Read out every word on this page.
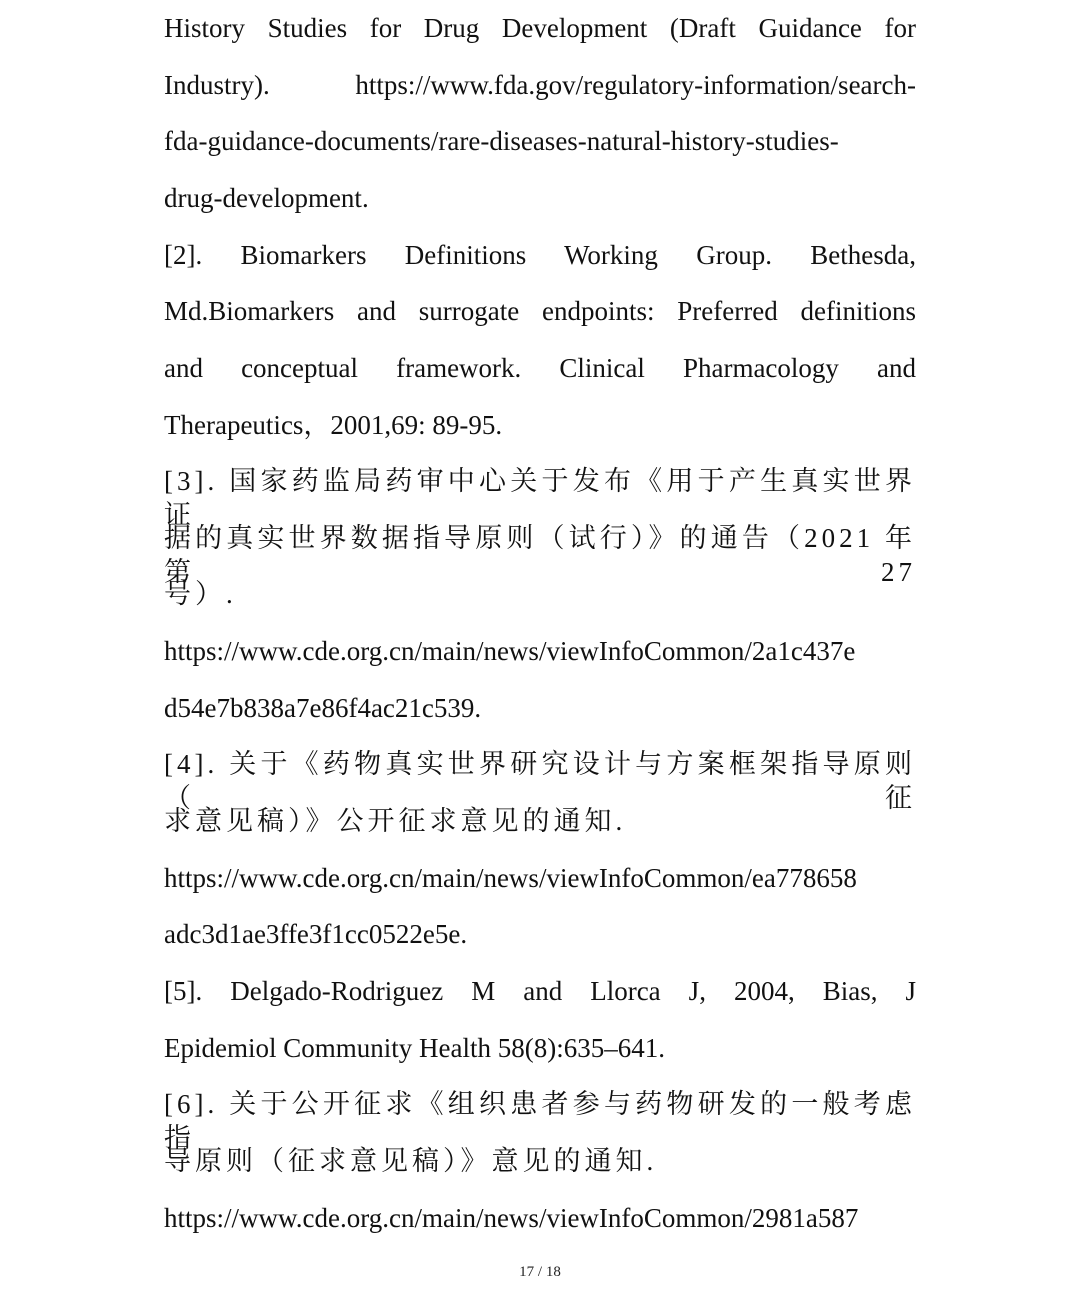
History Studies for Drug Development (Draft Guidance for
Industry). https://www.fda.gov/regulatory-information/search-
fda-guidance-documents/rare-diseases-natural-history-studies-
drug-development.
[2]. Biomarkers Definitions Working Group. Bethesda,
Md.Biomarkers and surrogate endpoints: Preferred definitions
and conceptual framework. Clinical Pharmacology and
Therapeutics，2001,69: 89-95.
[3]. 国家药监局药审中心关于发布《用于产生真实世界证
据的真实世界数据指导原则（试行）》的通告（2021 年第 27
号）.
https://www.cde.org.cn/main/news/viewInfoCommon/2a1c437e
d54e7b838a7e86f4ac21c539.
[4]. 关于《药物真实世界研究设计与方案框架指导原则（征
求意见稿）》公开征求意见的通知.
https://www.cde.org.cn/main/news/viewInfoCommon/ea778658
adc3d1ae3ffe3f1cc0522e5e.
[5]. Delgado-Rodriguez M and Llorca J, 2004, Bias, J
Epidemiol Community Health 58(8):635–641.
[6]. 关于公开征求《组织患者参与药物研发的一般考虑指
导原则（征求意见稿）》意见的通知.
https://www.cde.org.cn/main/news/viewInfoCommon/2981a587
17 / 18
